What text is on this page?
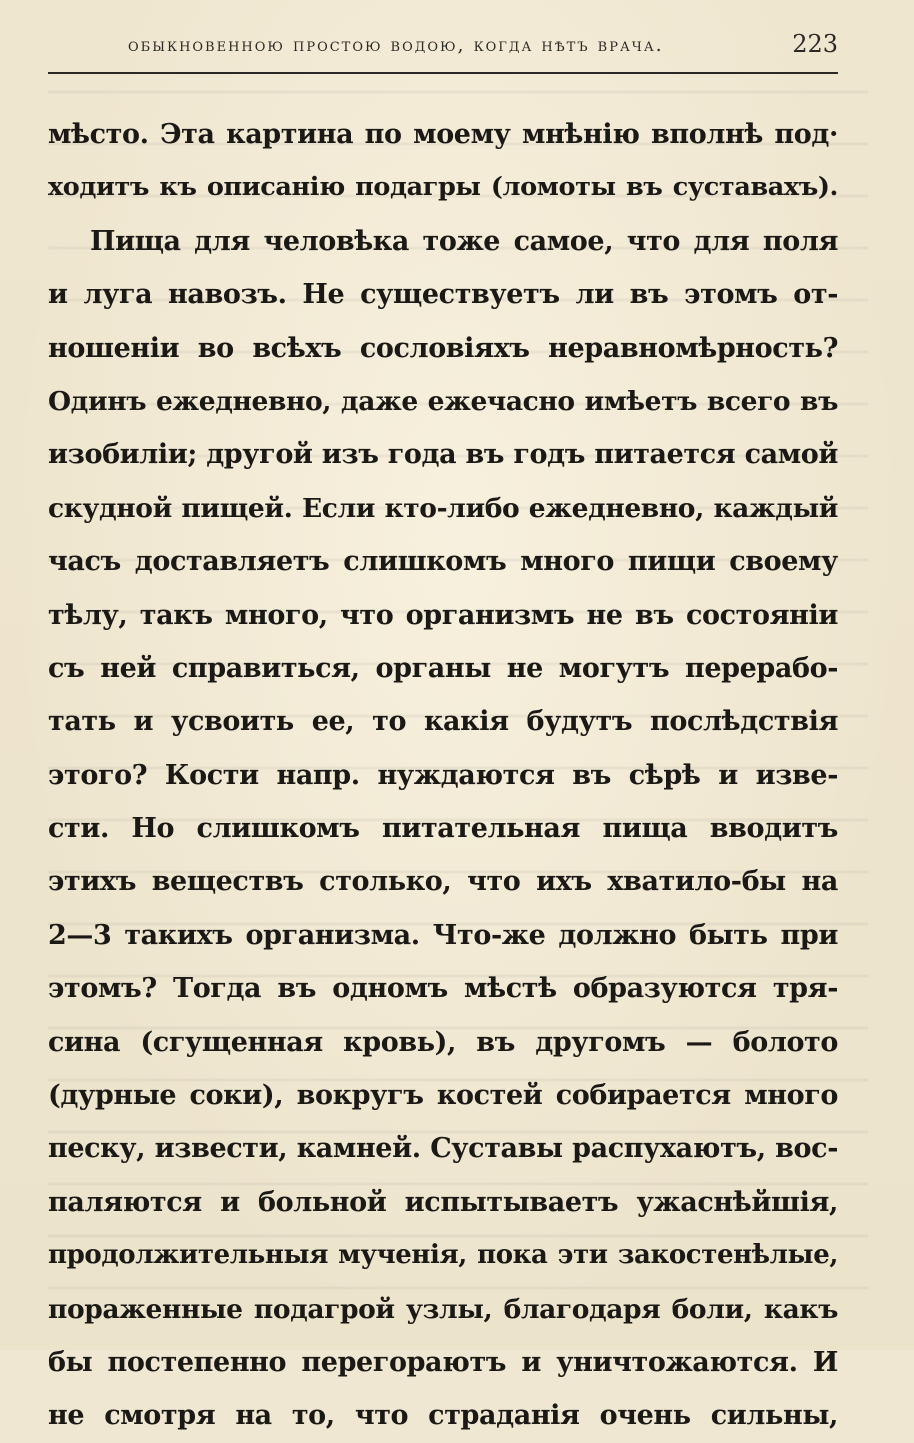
обыкновенною простою водою, когда нѣтъ врача.	223
мѣсто. Эта картина по моему мнѣнію вполнѣ под·
ходитъ къ описанію подагры (ломоты въ суставахъ).
Пища для человѣка тоже самое, что для поля
и луга навозъ. Не существуетъ ли въ этомъ от-
ношеніи во всѣхъ сословіяхъ неравномѣрность?
Одинъ ежедневно, даже ежечасно имѣетъ всего въ
изобиліи; другой изъ года въ годъ питается самой
скудной пищей. Если кто-либо ежедневно, каждый
часъ доставляетъ слишкомъ много пищи своему
тѣлу, такъ много, что организмъ не въ состояніи
съ ней справиться, органы не могутъ перерабо-
тать и усвоить ее, то какія будутъ послѣдствія
этого? Кости напр. нуждаются въ сѣрѣ и изве-
сти. Но слишкомъ питательная пища вводитъ
этихъ веществъ столько, что ихъ хватило-бы на
2—3 такихъ организма. Что-же должно быть при
этомъ? Тогда въ одномъ мѣстѣ образуются тря-
сина (сгущенная кровь), въ другомъ — болото
(дурные соки), вокругъ костей собирается много
песку, извести, камней. Суставы распухаютъ, вос-
паляются и больной испытываетъ ужаснѣйшія,
продолжительныя мученія, пока эти закостенѣлые,
пораженные подагрой узлы, благодаря боли, какъ
бы постепенно перегораютъ и уничтожаются. И
не смотря на то, что страданія очень сильны,
